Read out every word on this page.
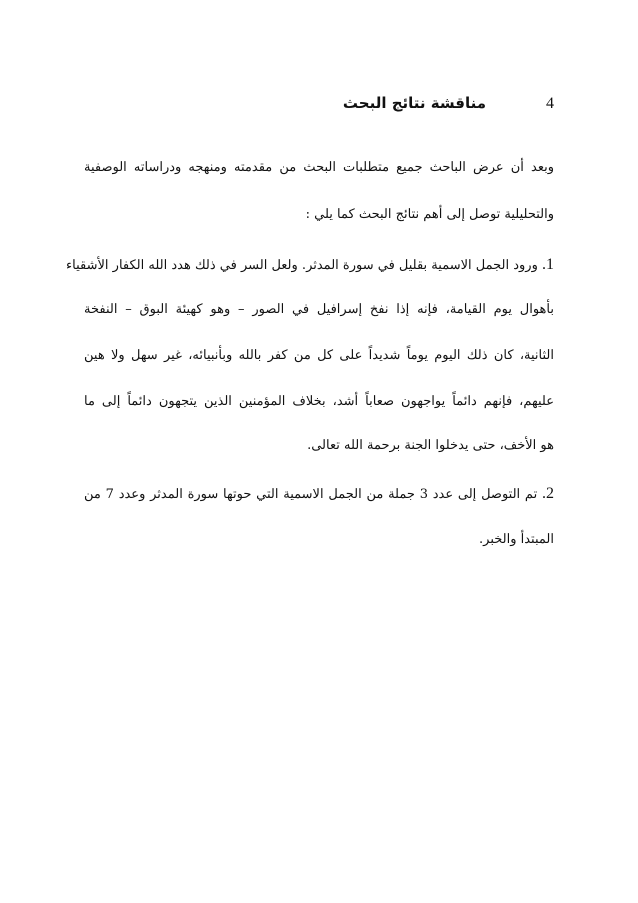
4
مناقشة نتائج البحث
وبعد أن عرض الباحث جميع متطلبات البحث من مقدمته ومنهجه ودراساته الوصفية
والتحليلية توصل إلى أهم نتائج البحث كما يلي :
1. ورود الجمل الاسمية بقليل في سورة المدثر. ولعل السر في ذلك هدد الله الكفار الأشقياء
بأهوال يوم القيامة، فإنه إذا نفخ إسرافيل في الصور – وهو كهيئة البوق – النفخة
الثانية، كان ذلك اليوم يوماً شديداً على كل من كفر بالله وبأنبيائه، غير سهل ولا هين
عليهم، فإنهم دائماً يواجهون صعاباً أشد، بخلاف المؤمنين الذين يتجهون دائماً إلى ما
هو الأخف، حتى يدخلوا الجنة برحمة الله تعالى.
2. تم التوصل إلى عدد 3 جملة من الجمل الاسمية التي حوتها سورة المدثر وعدد 7 من
المبتدأ والخبر.
